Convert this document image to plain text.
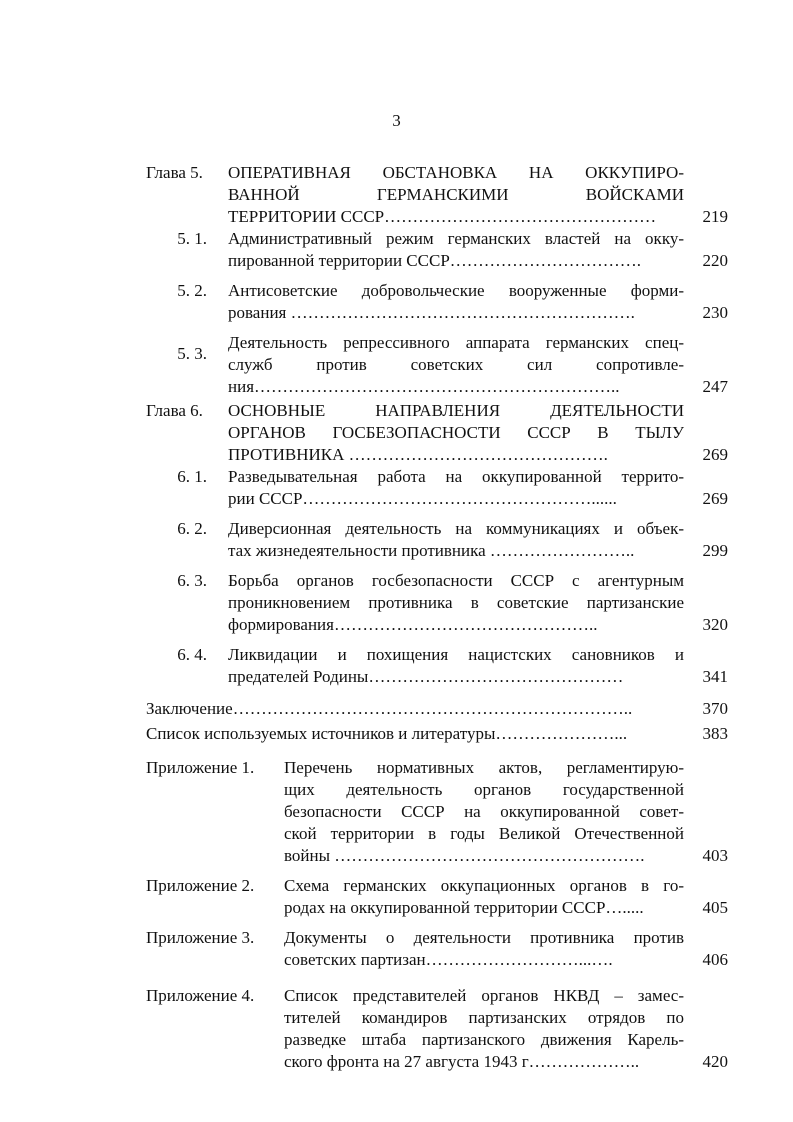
3
Глава 5.	ОПЕРАТИВНАЯ ОБСТАНОВКА НА ОККУПИРО-
ВАННОЙ ГЕРМАНСКИМИ ВОЙСКАМИ
ТЕРРИТОРИИ СССР…………………………………………	219
5. 1.	Административный режим германских властей на окку-
пированной территории СССР…………………………….	220
5. 2.	Антисоветские добровольческие вооруженные форми-
рования …………………………………………………….	230
5. 3.
Деятельность репрессивного аппарата германских спец-
служб против советских сил сопротивле-
ния………………………………………………………..	247
Глава 6.	ОСНОВНЫЕ НАПРАВЛЕНИЯ ДЕЯТЕЛЬНОСТИ
ОРГАНОВ ГОСБЕЗОПАСНОСТИ СССР В ТЫЛУ
ПРОТИВНИКА ……………………………………….	269
6. 1.	Разведывательная работа на оккупированной террито-
рии СССР……………………………………………......	269
6. 2.	Диверсионная деятельность на коммуникациях и объек-
тах жизнедеятельности противника ……………………..	299
6. 3.	Борьба органов госбезопасности СССР с агентурным
проникновением противника в советские партизанские
формирования………………………………………..	320
6. 4.	Ликвидации и похищения нацистских сановников и
предателей Родины………………………………………	341
Заключение……………………………………………………………..	370
Список используемых источников и литературы…………………...	383
Приложение 1.	Перечень нормативных актов, регламентирую-
щих деятельность органов государственной
безопасности СССР на оккупированной совет-
ской территории в годы Великой Отечественной
войны ……………………………………………….	403
Приложение 2.	Схема германских оккупационных органов в го-
родах на оккупированной территории СССР….....	405
Приложение 3.	Документы о деятельности противника против
советских партизан………………………...….	406
Приложение 4.	Список представителей органов НКВД – замес-
тителей командиров партизанских отрядов по
разведке штаба партизанского движения Карель-
ского фронта на 27 августа 1943 г………………..	420
